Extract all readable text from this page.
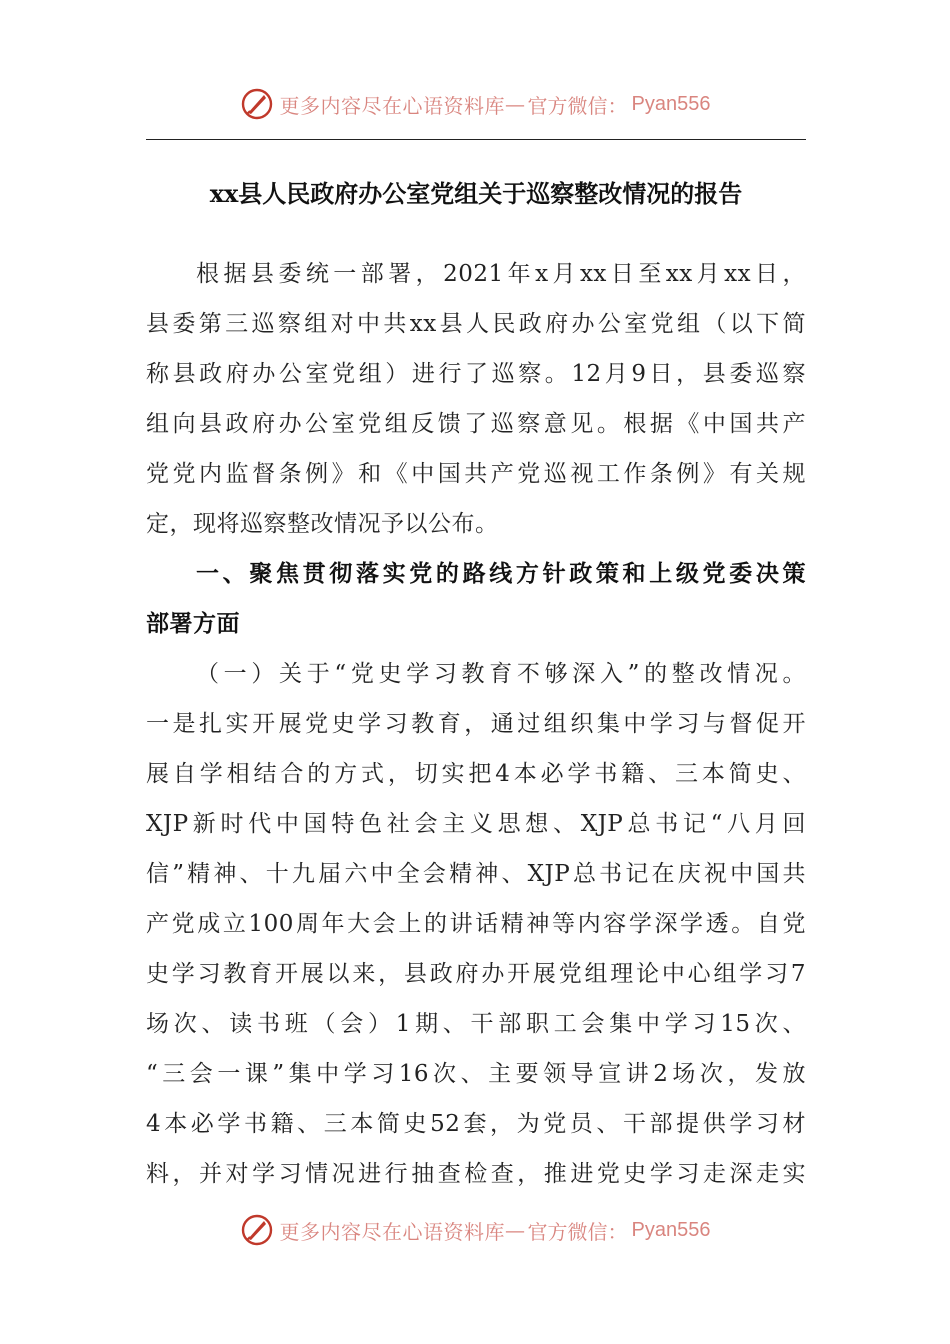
更多内容尽在心语资料库 — 官方微信： Pyan556
xx县人民政府办公室党组关于巡察整改情况的报告
根据县委统一部署，2021年x月xx日至xx月xx日，
县委第三巡察组对中共xx县人民政府办公室党组（以下简
称县政府办公室党组）进行了巡察。12月9日，县委巡察
组向县政府办公室党组反馈了巡察意见。根据《中国共产
党党内监督条例》和《中国共产党巡视工作条例》有关规
定，现将巡察整改情况予以公布。
一、聚焦贯彻落实党的路线方针政策和上级党委决策
部署方面
（一）关于“党史学习教育不够深入”的整改情况。
一是扎实开展党史学习教育，通过组织集中学习与督促开
展自学相结合的方式，切实把4本必学书籍、三本简史、
XJP新时代中国特色社会主义思想、XJP总书记“八月回
信”精神、十九届六中全会精神、XJP总书记在庆祝中国共
产党成立100周年大会上的讲话精神等内容学深学透。自党
史学习教育开展以来，县政府办开展党组理论中心组学习7
场次、读书班（会）1期、干部职工会集中学习15次、
“三会一课”集中学习16次、主要领导宣讲2场次，发放
4本必学书籍、三本简史52套，为党员、干部提供学习材
料，并对学习情况进行抽查检查，推进党史学习走深走实
更多内容尽在心语资料库 — 官方微信： Pyan556
